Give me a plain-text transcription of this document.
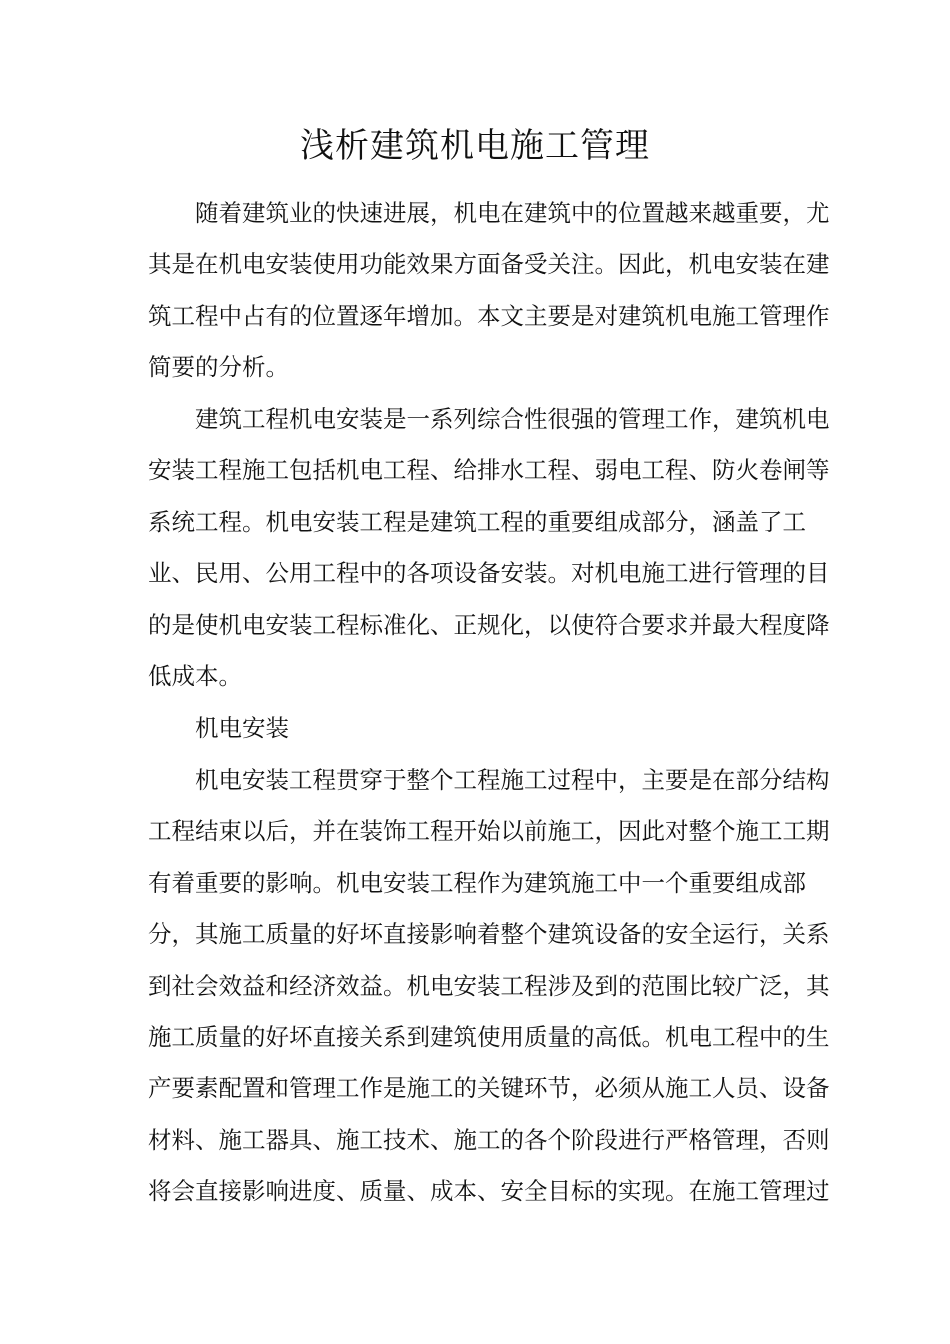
浅析建筑机电施工管理
随着建筑业的快速进展，机电在建筑中的位置越来越重要，尤
其是在机电安装使用功能效果方面备受关注。因此，机电安装在建
筑工程中占有的位置逐年增加。本文主要是对建筑机电施工管理作
简要的分析。
建筑工程机电安装是一系列综合性很强的管理工作，建筑机电
安装工程施工包括机电工程、给排水工程、弱电工程、防火卷闸等
系统工程。机电安装工程是建筑工程的重要组成部分，涵盖了工
业、民用、公用工程中的各项设备安装。对机电施工进行管理的目
的是使机电安装工程标准化、正规化，以使符合要求并最大程度降
低成本。
机电安装
机电安装工程贯穿于整个工程施工过程中，主要是在部分结构
工程结束以后，并在装饰工程开始以前施工，因此对整个施工工期
有着重要的影响。机电安装工程作为建筑施工中一个重要组成部
分，其施工质量的好坏直接影响着整个建筑设备的安全运行，关系
到社会效益和经济效益。机电安装工程涉及到的范围比较广泛，其
施工质量的好坏直接关系到建筑使用质量的高低。机电工程中的生
产要素配置和管理工作是施工的关键环节，必须从施工人员、设备
材料、施工器具、施工技术、施工的各个阶段进行严格管理，否则
将会直接影响进度、质量、成本、安全目标的实现。在施工管理过
